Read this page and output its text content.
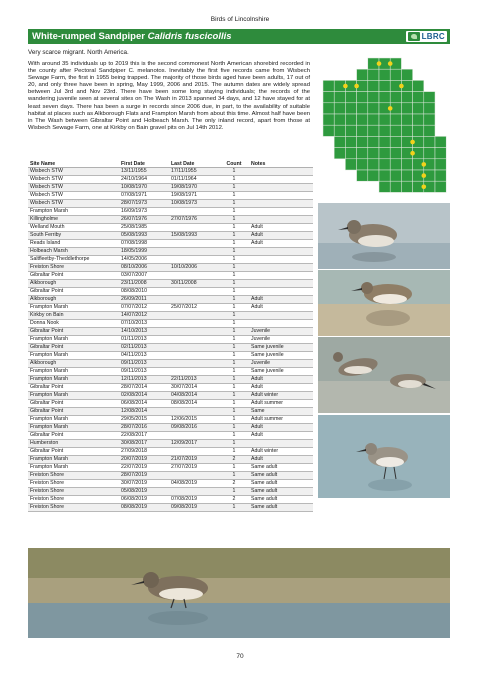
Birds of Lincolnshire
White-rumped Sandpiper Calidris fuscicollis	LBRC
Very scarce migrant. North America.
With around 35 individuals up to 2019 this is the second commonest North American shorebird recorded in the county after Pectoral Sandpiper C. melanotos. Inevitably the first five records came from Wisbech Sewage Farm, the first in 1955 being trapped. The majority of those birds aged have been adults, 17 out of 20, and only three have been in spring, May 1999, 2006 and 2015. The autumn dates are widely spread between Jul 3rd and Nov 23rd. There have been some long staying individuals; the records of the wandering juvenile seen at several sites on The Wash in 2013 spanned 34 days, and 12 have stayed for at least seven days. There has been a surge in records since 2006 due, in part, to the availability of suitable habitat at places such as Alkborough Flats and Frampton Marsh from about this time. Almost half have been in The Wash between Gibraltar Point and Holbeach Marsh. The only inland record, apart from those at Wisbech Sewage Farm, one at Kirkby on Bain gravel pits on Jul 14th 2012.
Site Name	First Date	Last Date	Count	Notes
Wisbech STW	13/11/1955	17/11/1955	1	
Wisbech STW	24/10/1964	01/11/1964	1	
Wisbech STW	10/08/1970	19/08/1970	1	
Wisbech STW	07/08/1971	19/08/1971	1	
Wisbech STW	28/07/1973	10/08/1973	1	
Frampton Marsh	16/09/1973		1	
Killingholme	26/07/1976	27/07/1976	1	
Welland Mouth	25/08/1985		1	Adult
South Ferriby	05/08/1993	15/08/1993	1	Adult
Reads Island	07/08/1998		1	Adult
Holbeach Marsh	18/05/1999		1	
Saltfleetby-Theddlethorpe	14/05/2006		1	
Freiston Shore	08/10/2006	10/10/2006	1	
Gibraltar Point	03/07/2007		1	
Alkborough	23/11/2008	30/11/2008	1	
Gibraltar Point	08/08/2010		1	
Alkborough	26/09/2011		1	Adult
Frampton Marsh	07/07/2012	25/07/2012	1	Adult
Kirkby on Bain	14/07/2012		1	
Donna Nook	07/10/2013		1	
Gibraltar Point	14/10/2013		1	Juvenile
Frampton Marsh	01/11/2013		1	Juvenile
Gibraltar Point	02/11/2013		1	Same juvenile
Frampton Marsh	04/11/2013		1	Same juvenile
Alkborough	09/11/2013		1	Juvenile
Frampton Marsh	09/11/2013		1	Same juvenile
Frampton Marsh	12/11/2013	22/11/2013	1	Adult
Gibraltar Point	28/07/2014	30/07/2014	1	Adult
Frampton Marsh	02/08/2014	04/08/2014	1	Adult winter
Gibraltar Point	06/08/2014	08/08/2014	1	Adult summer
Gibraltar Point	12/08/2014		1	Same
Frampton Marsh	29/05/2015	12/06/2015	1	Adult summer
Frampton Marsh	28/07/2016	09/08/2016	1	Adult
Gibraltar Point	22/08/2017		1	Adult
Humberston	30/08/2017	12/09/2017	1	
Gibraltar Point	27/09/2018		1	Adult winter
Frampton Marsh	20/07/2019	21/07/2019	2	Adult
Frampton Marsh	22/07/2019	27/07/2019	1	Same adult
Freiston Shore	28/07/2019		1	Same adult
Freiston Shore	30/07/2019	04/08/2019	2	Same adult
Freiston Shore	05/08/2019		1	Same adult
Freiston Shore	06/08/2019	07/08/2019	2	Same adult
Freiston Shore	08/08/2019	09/08/2019	1	Same adult
70
